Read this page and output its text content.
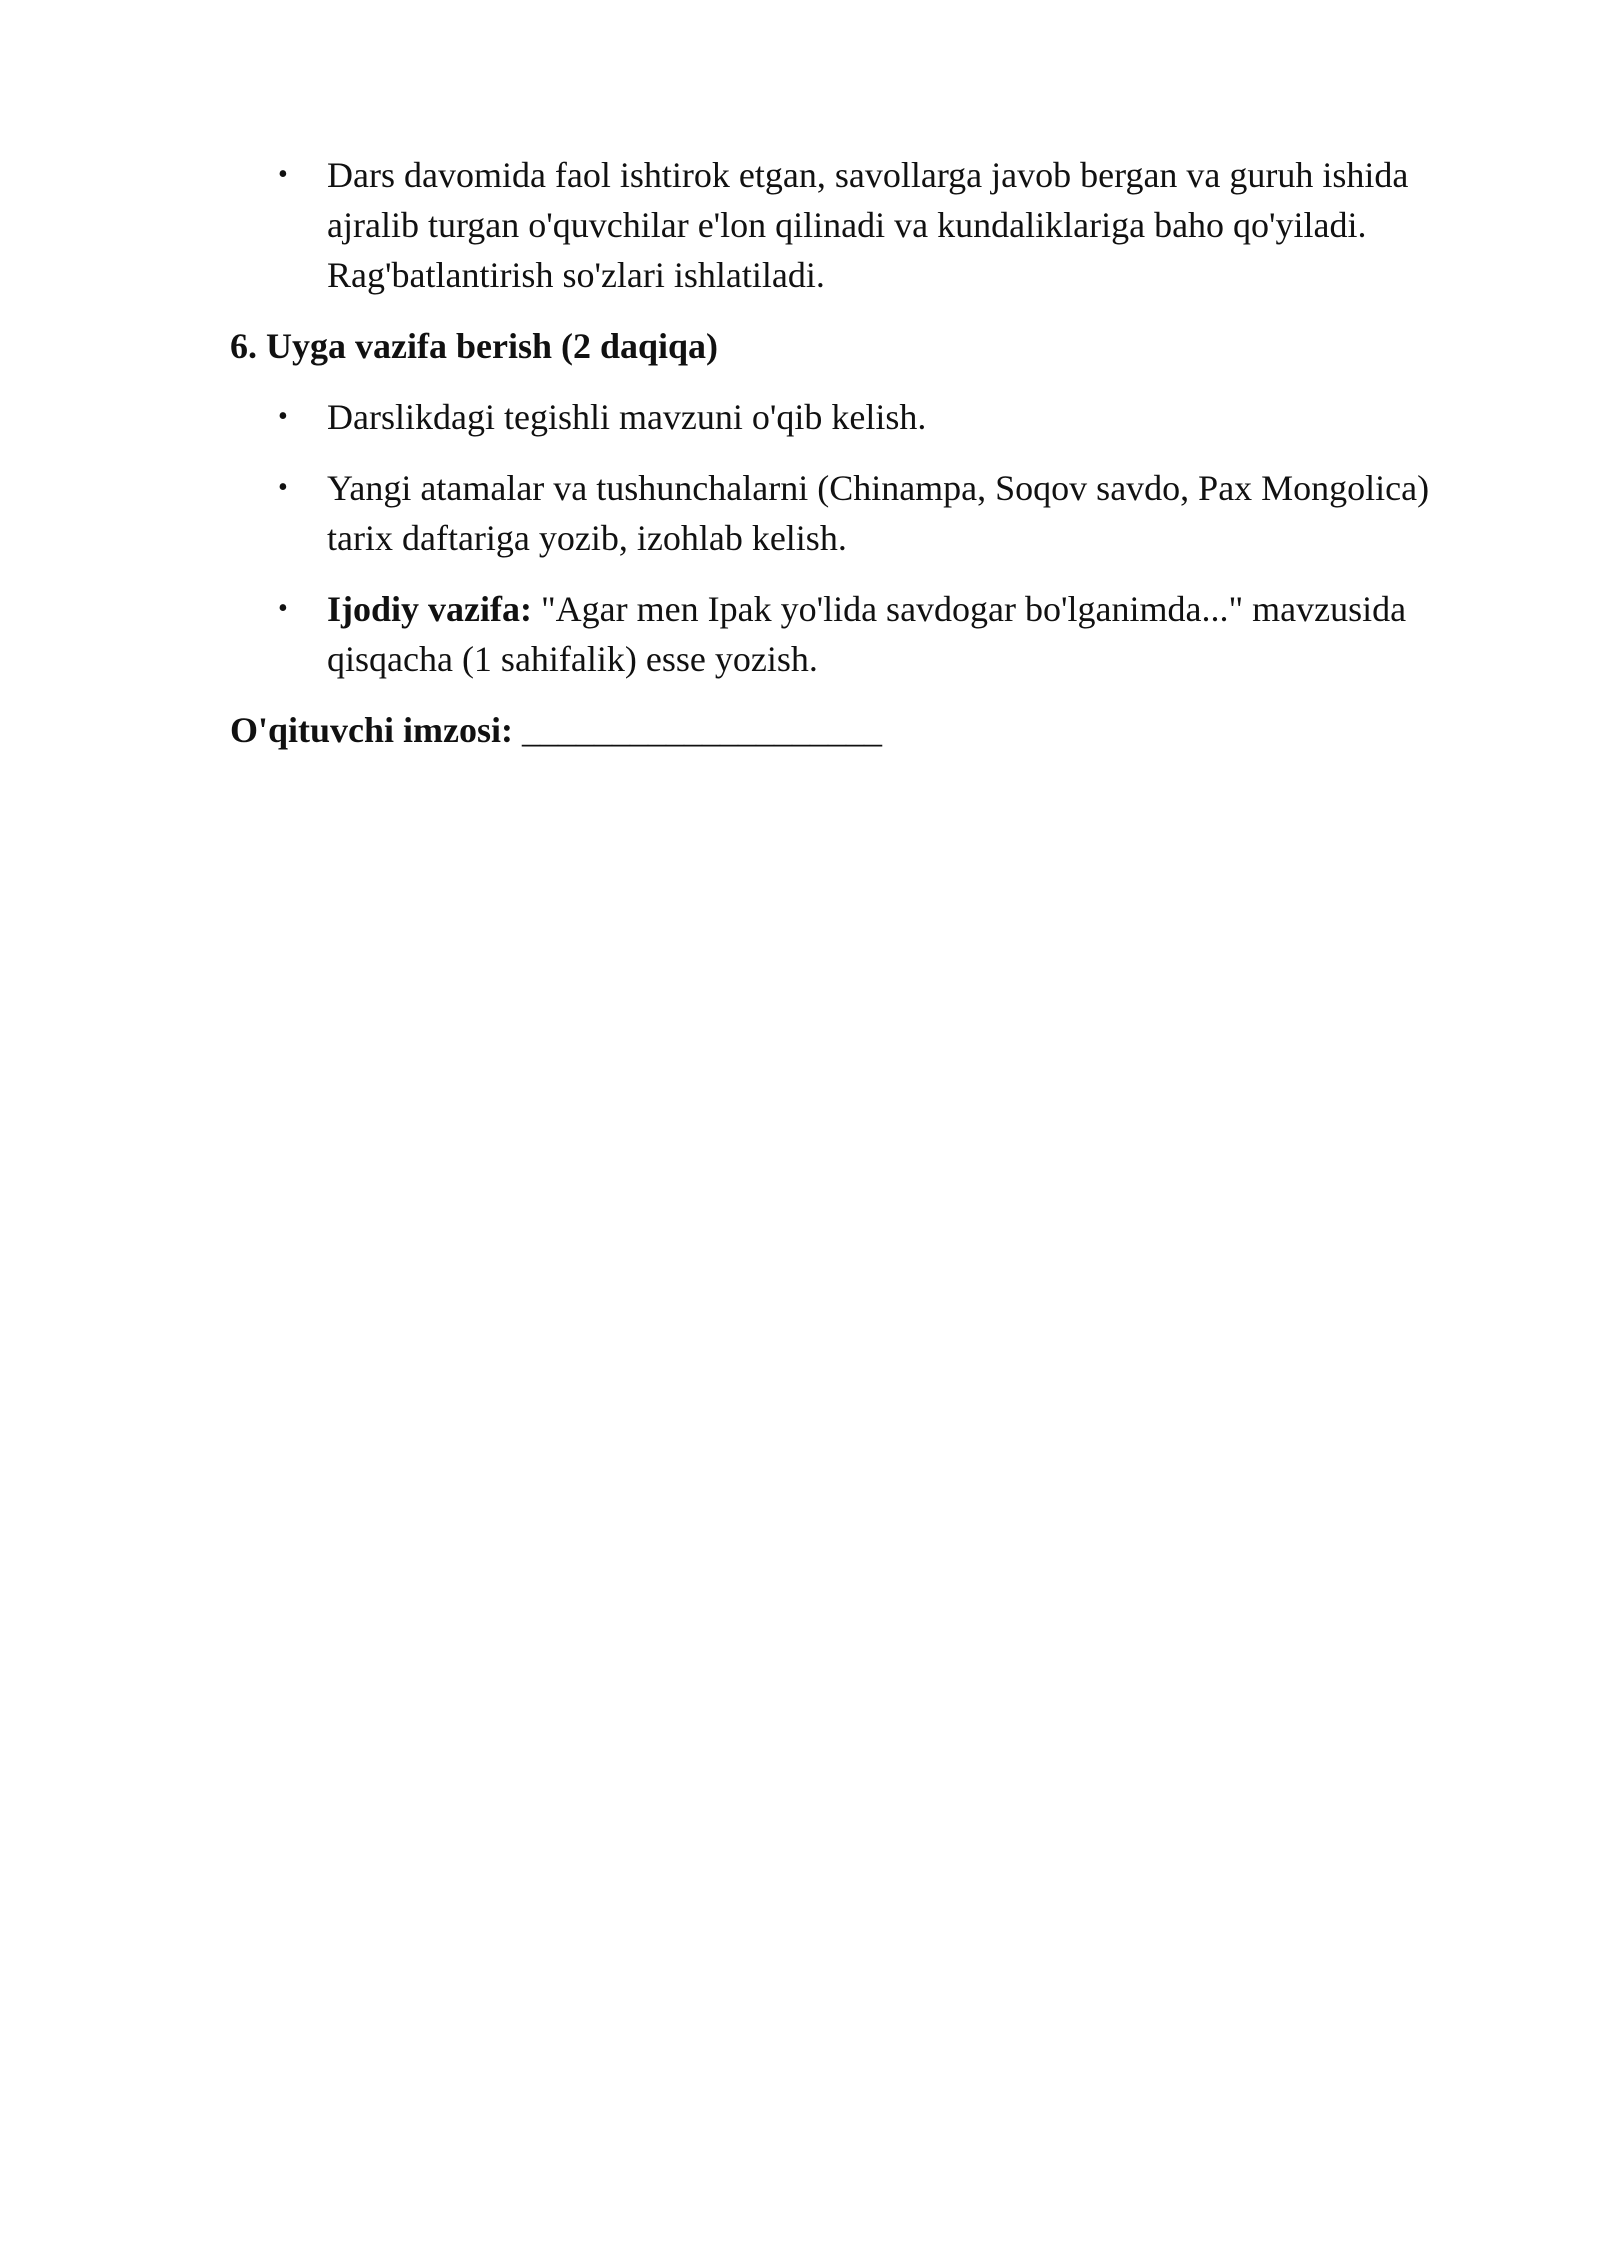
• Dars davomida faol ishtirok etgan, savollarga javob bergan va guruh ishida ajralib turgan o'quvchilar e'lon qilinadi va kundaliklariga baho qo'yiladi. Rag'batlantirish so'zlari ishlatiladi.

6. Uyga vazifa berish (2 daqiqa)

• Darslikdagi tegishli mavzuni o'qib kelish.
• Yangi atamalar va tushunchalarni (Chinampa, Soqov savdo, Pax Mongolica) tarix daftariga yozib, izohlab kelish.
• Ijodiy vazifa: "Agar men Ipak yo'lida savdogar bo'lganimda..." mavzusida qisqacha (1 sahifalik) esse yozish.

O'qituvchi imzosi: ____________________
